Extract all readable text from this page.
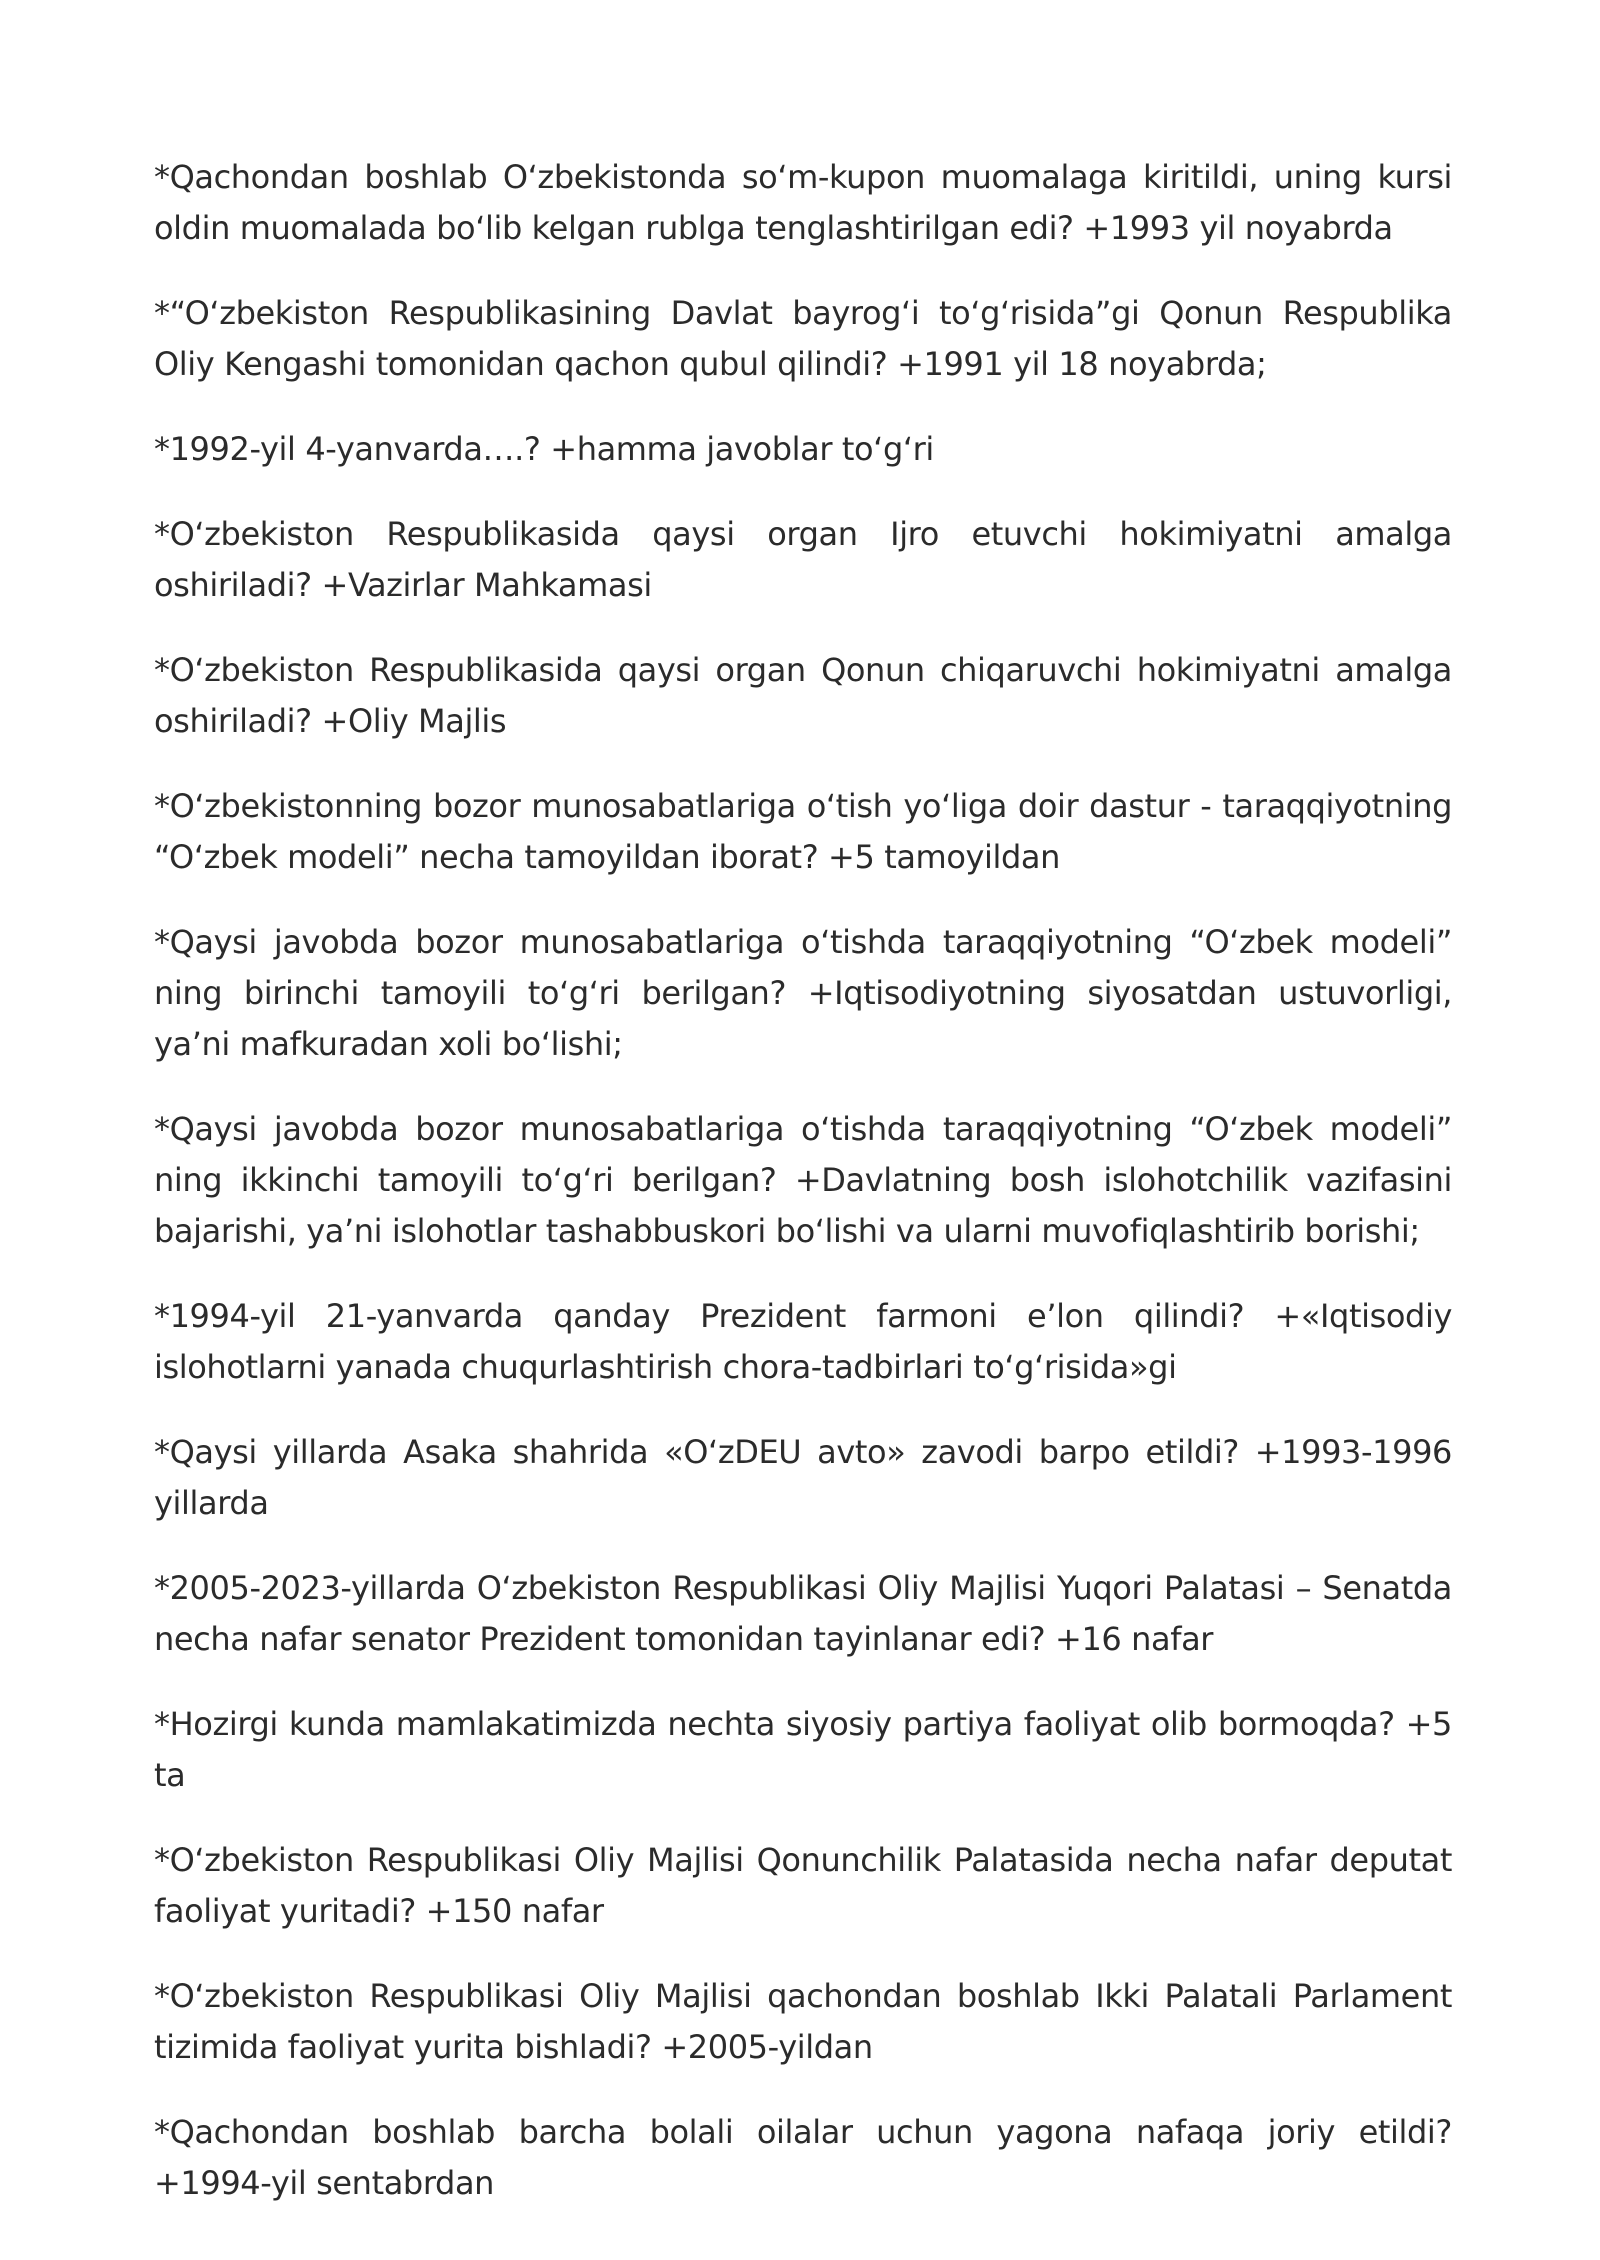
*Qachondan boshlab O‘zbekistonda so‘m-kupon muomalaga kiritildi, uning kursi oldin muomalada bo‘lib kelgan rublga tenglashtirilgan edi? +1993 yil noyabrda

*“O‘zbekiston Respublikasining Davlat bayrog‘i to‘g‘risida”gi Qonun Respublika Oliy Kengashi tomonidan qachon qubul qilindi? +1991 yil 18 noyabrda;

*1992-yil 4-yanvarda….? +hamma javoblar to‘g‘ri

*O‘zbekiston Respublikasida qaysi organ Ijro etuvchi hokimiyatni amalga oshiriladi? +Vazirlar Mahkamasi

*O‘zbekiston Respublikasida qaysi organ Qonun chiqaruvchi hokimiyatni amalga oshiriladi? +Oliy Majlis

*O‘zbekistonning bozor munosabatlariga o‘tish yo‘liga doir dastur - taraqqiyotning “O‘zbek modeli” necha tamoyildan iborat? +5 tamoyildan

*Qaysi javobda bozor munosabatlariga o‘tishda taraqqiyotning “O‘zbek modeli” ning birinchi tamoyili to‘g‘ri berilgan? +Iqtisodiyotning siyosatdan ustuvorligi, ya’ni mafkuradan xoli bo‘lishi;

*Qaysi javobda bozor munosabatlariga o‘tishda taraqqiyotning “O‘zbek modeli” ning ikkinchi tamoyili to‘g‘ri berilgan? +Davlatning bosh islohotchilik vazifasini bajarishi, ya’ni islohotlar tashabbuskori bo‘lishi va ularni muvofiqlashtirib borishi;

*1994-yil 21-yanvarda qanday Prezident farmoni e’lon qilindi? +«Iqtisodiy islohotlarni yanada chuqurlashtirish chora-tadbirlari to‘g‘risida»gi

*Qaysi yillarda Asaka shahrida «O‘zDEU avto» zavodi barpo etildi? +1993-1996 yillarda

*2005-2023-yillarda O‘zbekiston Respublikasi Oliy Majlisi Yuqori Palatasi – Senatda necha nafar senator Prezident tomonidan tayinlanar edi? +16 nafar

*Hozirgi kunda mamlakatimizda nechta siyosiy partiya faoliyat olib bormoqda? +5 ta

*O‘zbekiston Respublikasi Oliy Majlisi Qonunchilik Palatasida necha nafar deputat faoliyat yuritadi? +150 nafar

*O‘zbekiston Respublikasi Oliy Majlisi qachondan boshlab Ikki Palatali Parlament tizimida faoliyat yurita bishladi? +2005-yildan

*Qachondan boshlab barcha bolali oilalar uchun yagona nafaqa joriy etildi? +1994-yil sentabrdan
